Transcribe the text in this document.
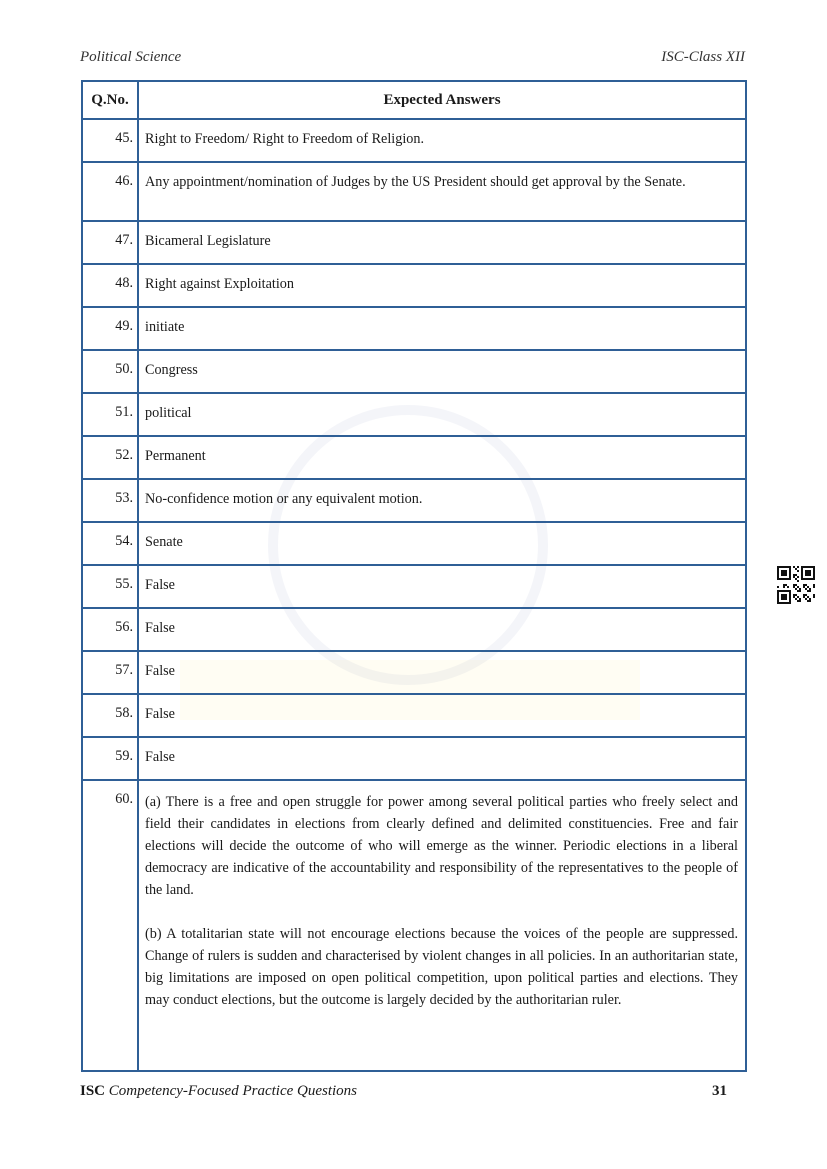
Political Science	ISC-Class XII
Q.No.	Expected Answers
45.	Right to Freedom/ Right to Freedom of Religion.
46.	Any appointment/nomination of Judges by the US President should get approval by the Senate.
47.	Bicameral Legislature
48.	Right against Exploitation
49.	initiate
50.	Congress
51.	political
52.	Permanent
53.	No-confidence motion or any equivalent motion.
54.	Senate
55.	False
56.	False
57.	False
58.	False
59.	False
60.	(a) There is a free and open struggle for power among several political parties who freely select and field their candidates in elections from clearly defined and delimited constituencies. Free and fair elections will decide the outcome of who will emerge as the winner. Periodic elections in a liberal democracy are indicative of the accountability and responsibility of the representatives to the people of the land.

(b) A totalitarian state will not encourage elections because the voices of the people are suppressed. Change of rulers is sudden and characterised by violent changes in all policies. In an authoritarian state, big limitations are imposed on open political competition, upon political parties and elections. They may conduct elections, but the outcome is largely decided by the authoritarian ruler.

ISC Competency-Focused Practice Questions	31
